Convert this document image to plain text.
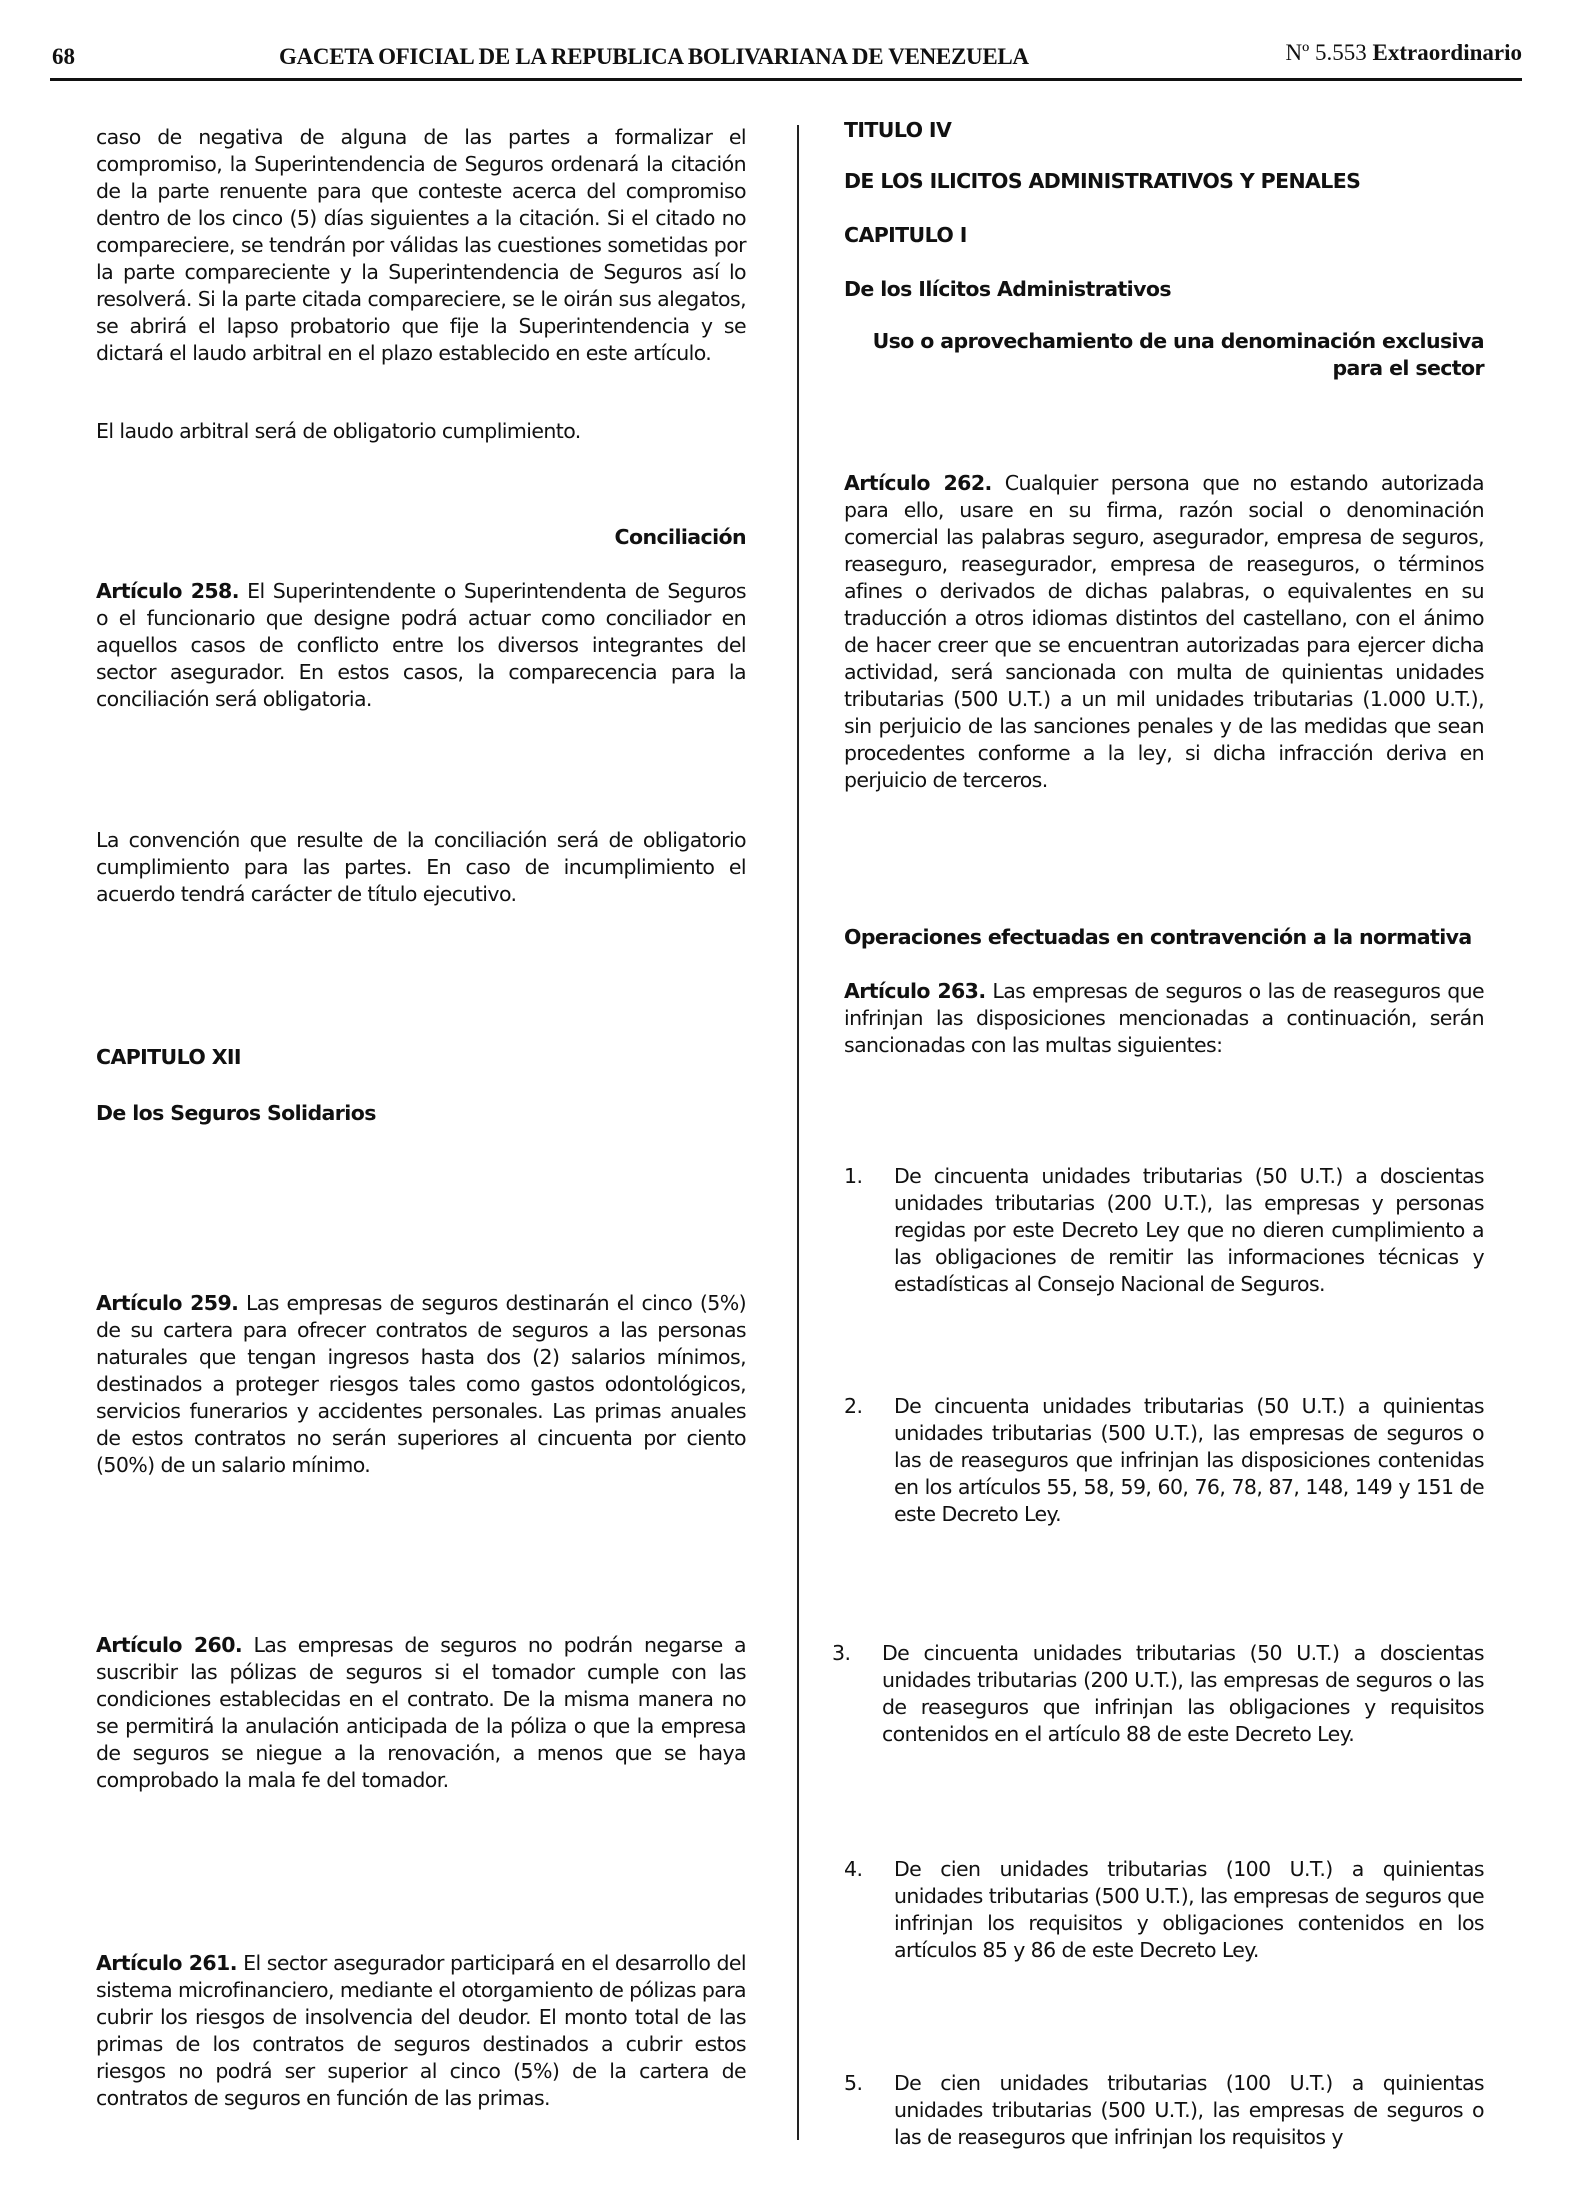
68	GACETA OFICIAL DE LA REPUBLICA BOLIVARIANA DE VENEZUELA	Nº 5.553 Extraordinario

caso de negativa de alguna de las partes a formalizar el compromiso, la Superintendencia de Seguros ordenará la citación de la parte renuente para que conteste acerca del compromiso dentro de los cinco (5) días siguientes a la citación. Si el citado no compareciere, se tendrán por válidas las cuestiones sometidas por la parte compareciente y la Superintendencia de Seguros así lo resolverá. Si la parte citada compareciere, se le oirán sus alegatos, se abrirá el lapso probatorio que fije la Superintendencia y se dictará el laudo arbitral en el plazo establecido en este artículo.

El laudo arbitral será de obligatorio cumplimiento.

Conciliación

Artículo 258. El Superintendente o Superintendenta de Seguros o el funcionario que designe podrá actuar como conciliador en aquellos casos de conflicto entre los diversos integrantes del sector asegurador. En estos casos, la comparecencia para la conciliación será obligatoria.

La convención que resulte de la conciliación será de obligatorio cumplimiento para las partes. En caso de incumplimiento el acuerdo tendrá carácter de título ejecutivo.

CAPITULO XII

De los Seguros Solidarios

Artículo 259. Las empresas de seguros destinarán el cinco (5%) de su cartera para ofrecer contratos de seguros a las personas naturales que tengan ingresos hasta dos (2) salarios mínimos, destinados a proteger riesgos tales como gastos odontológicos, servicios funerarios y accidentes personales. Las primas anuales de estos contratos no serán superiores al cincuenta por ciento (50%) de un salario mínimo.

Artículo 260. Las empresas de seguros no podrán negarse a suscribir las pólizas de seguros si el tomador cumple con las condiciones establecidas en el contrato. De la misma manera no se permitirá la anulación anticipada de la póliza o que la empresa de seguros se niegue a la renovación, a menos que se haya comprobado la mala fe del tomador.

Artículo 261. El sector asegurador participará en el desarrollo del sistema microfinanciero, mediante el otorgamiento de pólizas para cubrir los riesgos de insolvencia del deudor. El monto total de las primas de los contratos de seguros destinados a cubrir estos riesgos no podrá ser superior al cinco (5%) de la cartera de contratos de seguros en función de las primas.

TITULO IV

DE LOS ILICITOS ADMINISTRATIVOS Y PENALES

CAPITULO I

De los Ilícitos Administrativos

Uso o aprovechamiento de una denominación exclusiva

para el sector

Artículo 262. Cualquier persona que no estando autorizada para ello, usare en su firma, razón social o denominación comercial las palabras seguro, asegurador, empresa de seguros, reaseguro, reasegurador, empresa de reaseguros, o términos afines o derivados de dichas palabras, o equivalentes en su traducción a otros idiomas distintos del castellano, con el ánimo de hacer creer que se encuentran autorizadas para ejercer dicha actividad, será sancionada con multa de quinientas unidades tributarias (500 U.T.) a un mil unidades tributarias (1.000 U.T.), sin perjuicio de las sanciones penales y de las medidas que sean procedentes conforme a la ley, si dicha infracción deriva en perjuicio de terceros.

Operaciones efectuadas en contravención a la normativa

Artículo 263. Las empresas de seguros o las de reaseguros que infrinjan las disposiciones mencionadas a continuación, serán sancionadas con las multas siguientes:

1. De cincuenta unidades tributarias (50 U.T.) a doscientas unidades tributarias (200 U.T.), las empresas y personas regidas por este Decreto Ley que no dieren cumplimiento a las obligaciones de remitir las informaciones técnicas y estadísticas al Consejo Nacional de Seguros.

2. De cincuenta unidades tributarias (50 U.T.) a quinientas unidades tributarias (500 U.T.), las empresas de seguros o las de reaseguros que infrinjan las disposiciones contenidas en los artículos 55, 58, 59, 60, 76, 78, 87, 148, 149 y 151 de este Decreto Ley.

3. De cincuenta unidades tributarias (50 U.T.) a doscientas unidades tributarias (200 U.T.), las empresas de seguros o las de reaseguros que infrinjan las obligaciones y requisitos contenidos en el artículo 88 de este Decreto Ley.

4. De cien unidades tributarias (100 U.T.) a quinientas unidades tributarias (500 U.T.), las empresas de seguros que infrinjan los requisitos y obligaciones contenidos en los artículos 85 y 86 de este Decreto Ley.

5. De cien unidades tributarias (100 U.T.) a quinientas unidades tributarias (500 U.T.), las empresas de seguros o las de reaseguros que infrinjan los requisitos y
